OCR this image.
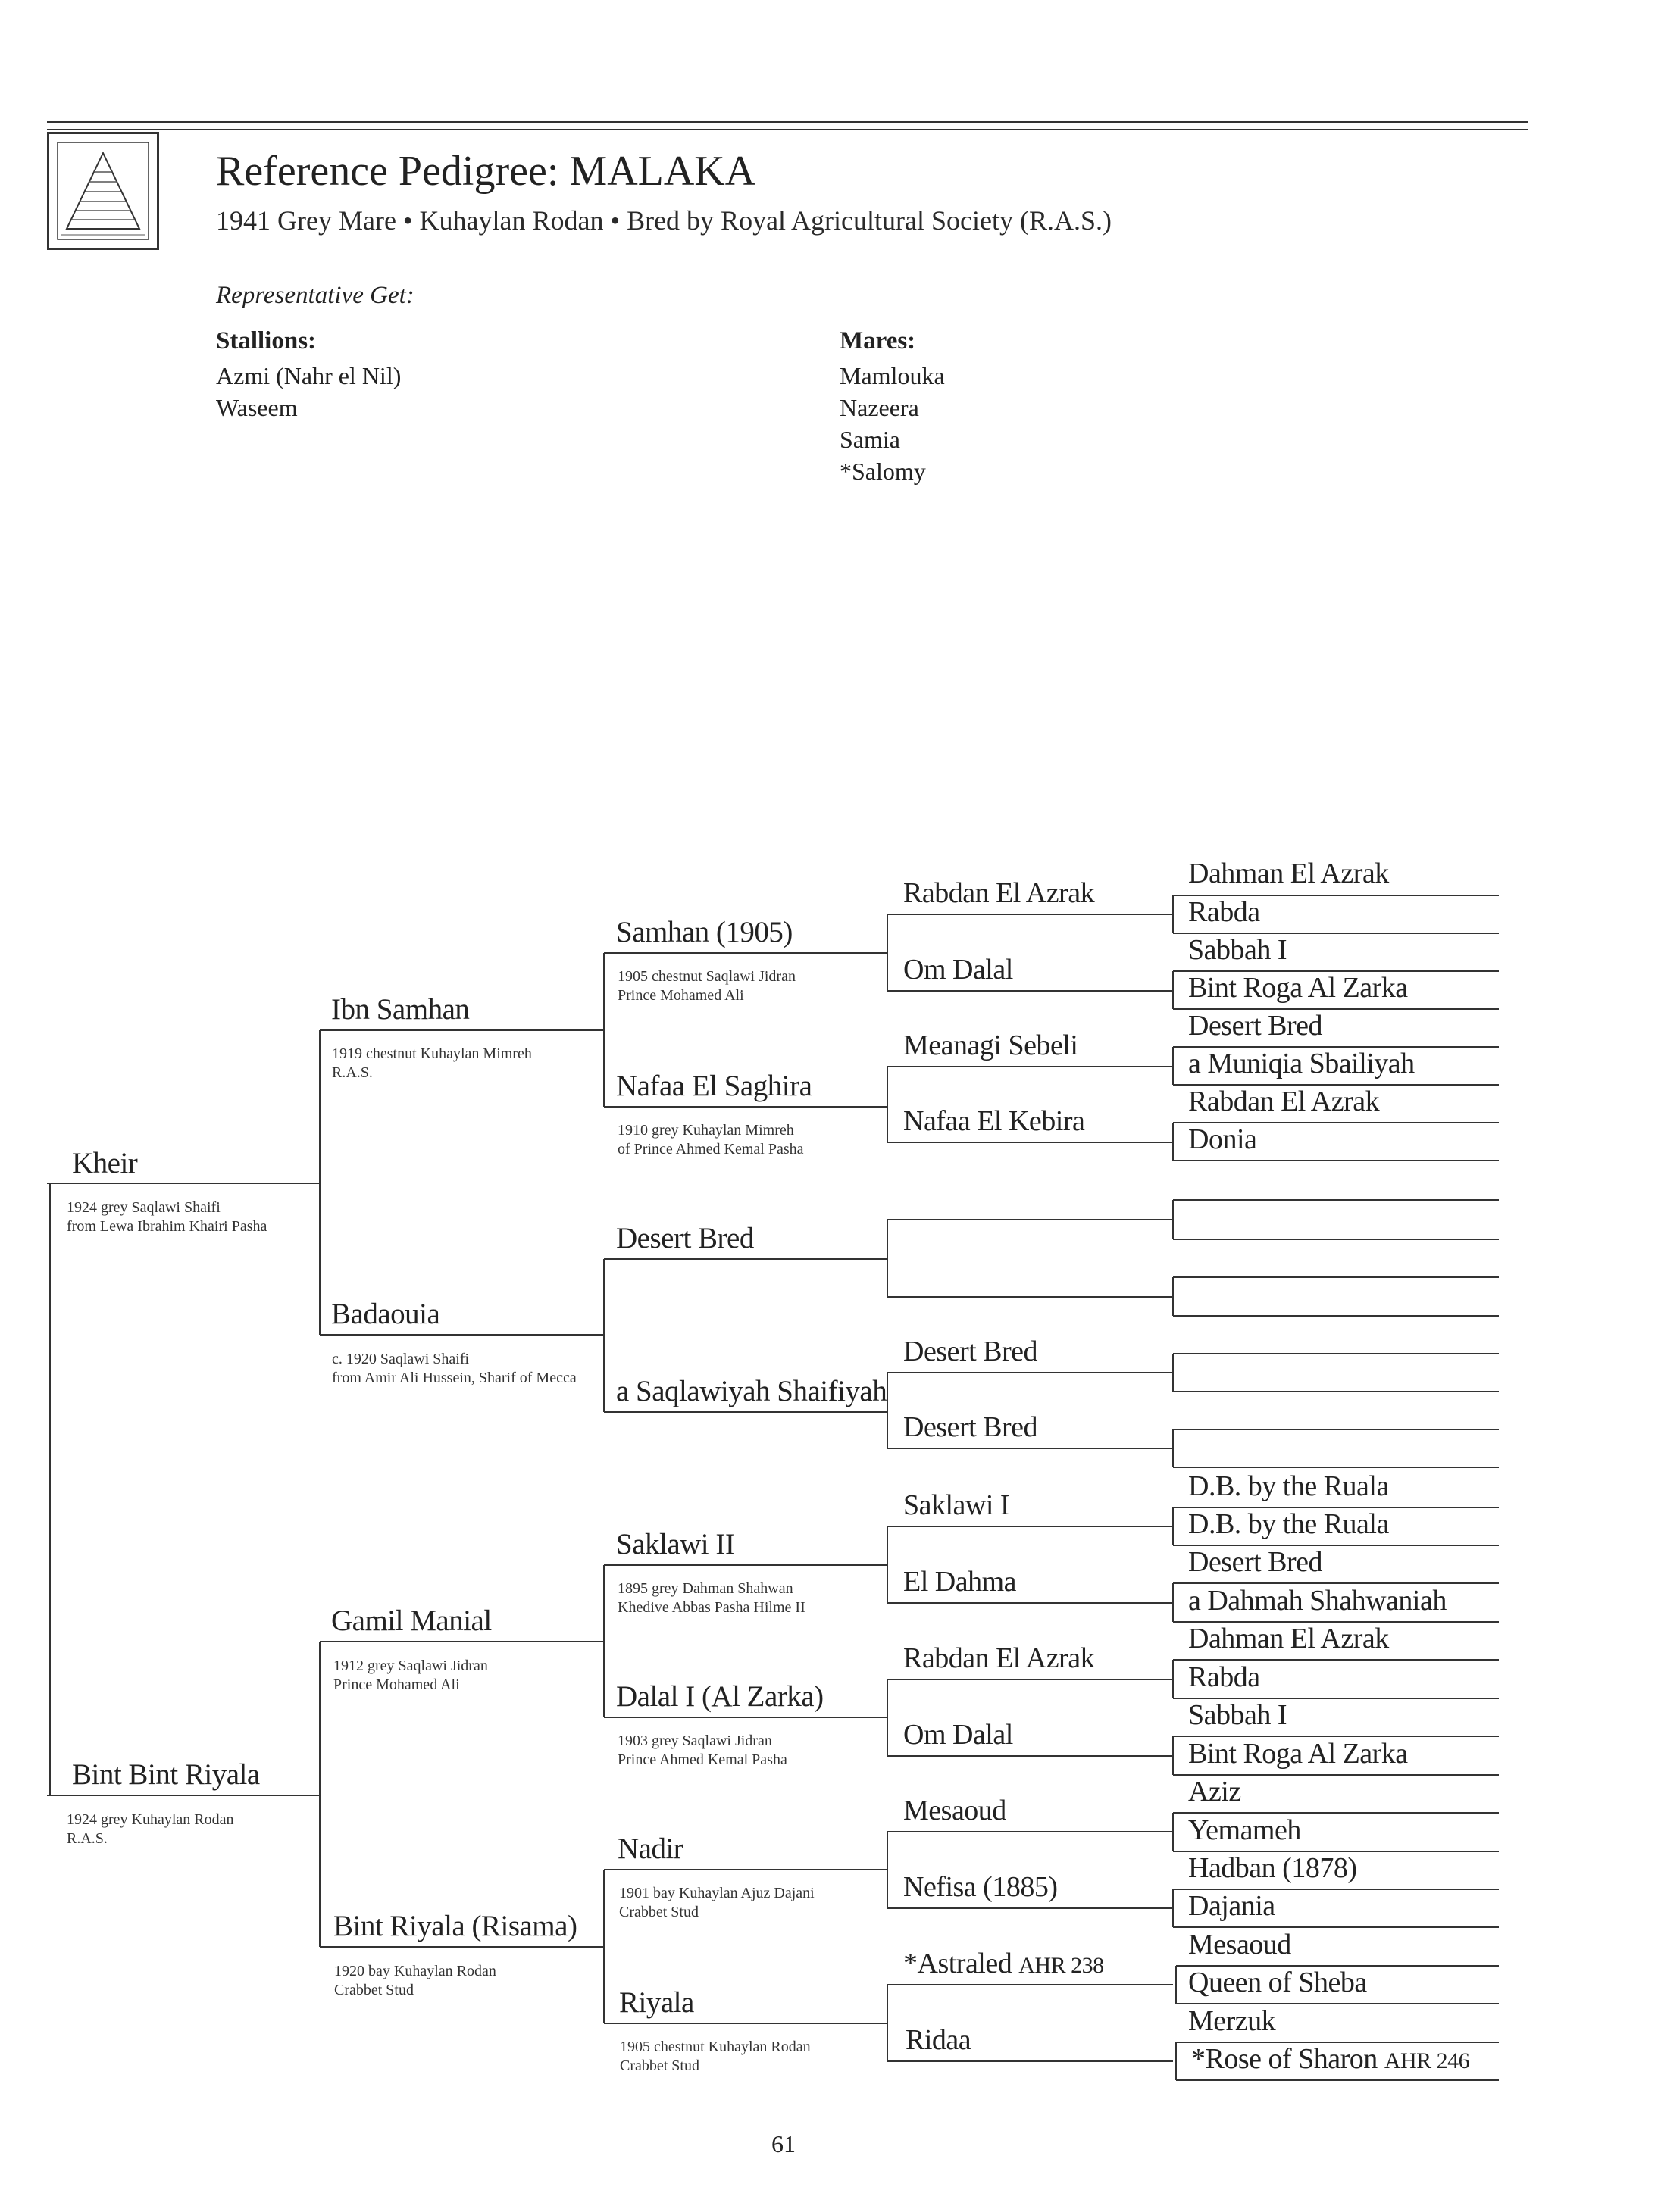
Reference Pedigree: MALAKA
1941 Grey Mare • Kuhaylan Rodan • Bred by Royal Agricultural Society (R.A.S.)
Representative Get:
Stallions:
Azmi (Nahr el Nil)
Waseem
Mares:
Mamlouka
Nazeera
Samia
*Salomy
Kheir
1924 grey Saqlawi Shaifi
from Lewa Ibrahim Khairi Pasha
Bint Bint Riyala
1924 grey Kuhaylan Rodan
R.A.S.
Ibn Samhan
1919 chestnut Kuhaylan Mimreh
R.A.S.
Badaouia
c. 1920 Saqlawi Shaifi
from Amir Ali Hussein, Sharif of Mecca
Gamil Manial
1912 grey Saqlawi Jidran
Prince Mohamed Ali
Bint Riyala (Risama)
1920 bay Kuhaylan Rodan
Crabbet Stud
Samhan (1905)
1905 chestnut Saqlawi Jidran
Prince Mohamed Ali
Nafaa El Saghira
1910 grey Kuhaylan Mimreh
of Prince Ahmed Kemal Pasha
Desert Bred
a Saqlawiyah Shaifiyah
Saklawi II
1895 grey Dahman Shahwan
Khedive Abbas Pasha Hilme II
Dalal I (Al Zarka)
1903 grey Saqlawi Jidran
Prince Ahmed Kemal Pasha
Nadir
1901 bay Kuhaylan Ajuz Dajani
Crabbet Stud
Riyala
1905 chestnut Kuhaylan Rodan
Crabbet Stud
Rabdan El Azrak
Om Dalal
Meanagi Sebeli
Nafaa El Kebira
Desert Bred
Desert Bred
Saklawi I
El Dahma
Rabdan El Azrak
Om Dalal
Mesaoud
Nefisa (1885)
*Astraled AHR 238
Ridaa
Dahman El Azrak
Rabda
Sabbah I
Bint Roga Al Zarka
Desert Bred
a Muniqia Sbailiyah
Rabdan El Azrak
Donia
D.B. by the Ruala
D.B. by the Ruala
Desert Bred
a Dahmah Shahwaniah
Dahman El Azrak
Rabda
Sabbah I
Bint Roga Al Zarka
Aziz
Yemameh
Hadban (1878)
Dajania
Mesaoud
Queen of Sheba
Merzuk
*Rose of Sharon AHR 246
61
